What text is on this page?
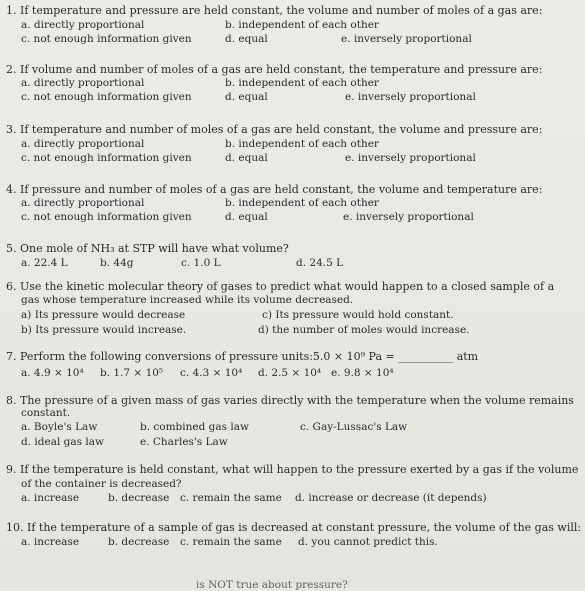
1. If temperature and pressure are held constant, the volume and number of moles of a gas are:
a. directly proportional	b. independent of each other
c. not enough information given	d. equal	e. inversely proportional
2. If volume and number of moles of a gas are held constant, the temperature and pressure are:
a. directly proportional	b. independent of each other
c. not enough information given	d. equal	e. inversely proportional
3. If temperature and number of moles of a gas are held constant, the volume and pressure are:
a. directly proportional	b. independent of each other
c. not enough information given	d. equal	e. inversely proportional
4. If pressure and number of moles of a gas are held constant, the volume and temperature are:
a. directly proportional	b. independent of each other
c. not enough information given	d. equal	e. inversely proportional
5. One mole of NH₃ at STP will have what volume?
a. 22.4 L	b. 44g	c. 1.0 L	d. 24.5 L
6. Use the kinetic molecular theory of gases to predict what would happen to a closed sample of a
gas whose temperature increased while its volume decreased.
a) Its pressure would decrease	c) Its pressure would hold constant.
b) Its pressure would increase.	d) the number of moles would increase.
7. Perform the following conversions of pressure units:5.0 × 10⁹ Pa = __________ atm
a. 4.9 × 10⁴ b. 1.7 × 10⁵ c. 4.3 × 10⁴ d. 2.5 × 10⁴ e. 9.8 × 10⁴
8. The pressure of a given mass of gas varies directly with the temperature when the volume remains
constant.
a. Boyle's Law	b. combined gas law	c. Gay-Lussac's Law
d. ideal gas law	e. Charles's Law
9. If the temperature is held constant, what will happen to the pressure exerted by a gas if the volume
of the container is decreased?
a. increase	b. decrease c. remain the same d. increase or decrease (it depends)
10. If the temperature of a sample of gas is decreased at constant pressure, the volume of the gas will:
a. increase	b. decrease c. remain the same d. you cannot predict this.
is NOT true about pressure?
